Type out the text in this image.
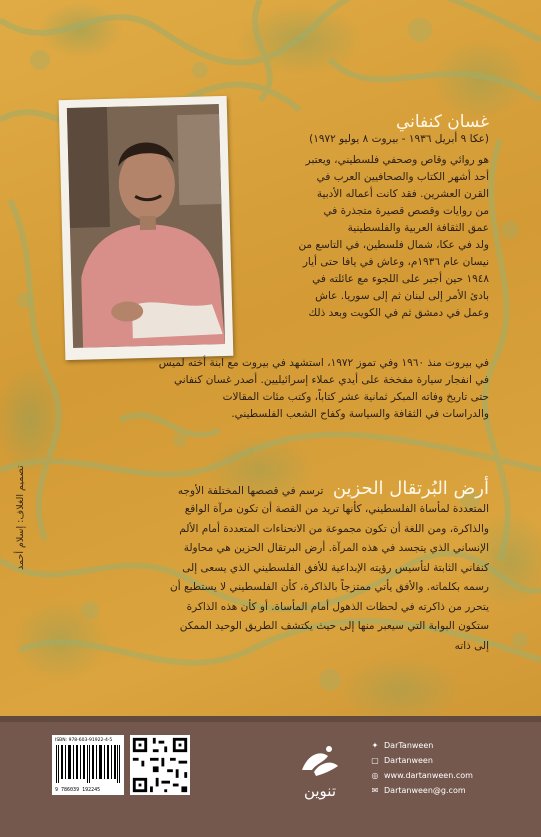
غسان كنفاني
(عكا ٩ أبريل ١٩٣٦ - بيروت ٨ يوليو ١٩٧٢)
هو روائي وقاص وصحفي فلسطيني، ويعتبر
أحد أشهر الكتاب والصحافيين العرب في
القرن العشرين. فقد كانت أعماله الأدبية
من روايات وقصص قصيرة متجذرة في
عمق الثقافة العربية والفلسطينية
ولد في عكا، شمال فلسطين، في التاسع من
نيسان عام ١٩٣٦م، وعاش في يافا حتى أيار
١٩٤٨ حين أجبر على اللجوء مع عائلته في
بادئ الأمر إلى لبنان ثم إلى سوريا. عاش
وعمل في دمشق ثم في الكويت وبعد ذلك
في بيروت منذ ١٩٦٠ وفي تموز ١٩٧٢، استشهد في بيروت مع ابنة أخته لميس
في انفجار سيارة مفخخة على أيدي عملاء إسرائيليين. أصدر غسان كنفاني
حتى تاريخ وفاته المبكر ثمانية عشر كتاباً، وكتب مئات المقالات
والدراسات في الثقافة والسياسة وكفاح الشعب الفلسطيني.
أرض البُرتقال الحزين ترسم في قصصها المختلفة الأوجه
المتعددة لمأساة الفلسطيني، كأنها تريد من القصة أن تكون مرآة الواقع
والذاكرة، ومن اللغة أن تكون مجموعة من الانحناءات المتعددة أمام الألم
الإنساني الذي يتجسد في هذه المرآة. أرض البرتقال الحزين هي محاولة
كنفاني الثابتة لتأسيس رؤيته الإبداعية للأفق الفلسطيني الذي يسعى إلى
رسمه بكلماته. والأفق يأتي ممتزجاً بالذاكرة، كأن الفلسطيني لا يستطيع أن
يتحرر من ذاكرته في لحظات الذهول أمام المأساة. أو كأن هذه الذاكرة
ستكون البوابة التي سيعبر منها إلى حيث يكتشف الطريق الوحيد الممكن
إلى ذاته
تصميم الغلاف: إسلام أحمد
ISBN: 978-603-91922-4-5
9 786039 192245	تنوين
✦ DarTanween
▢ Dartanween
◎ www.dartanween.com
✉ Dartanween@g.com
